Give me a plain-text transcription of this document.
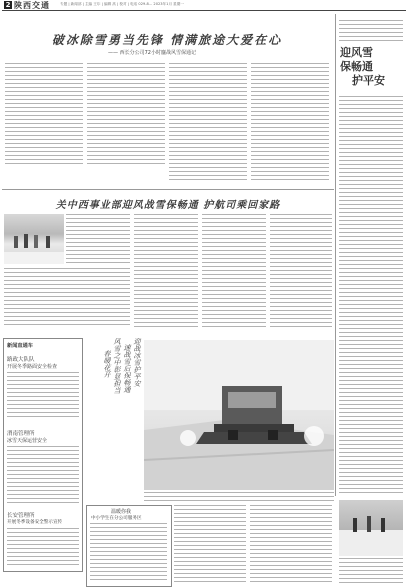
2 陕西交通	专题 | 新闻部 | 主编 王尔 | 编辑 高 | 校对 | 电话 029-8... 2023年1月 星期一
破冰除雪勇当先锋 情满旅途大爱在心
—— 西长分公司72小时鏖战风雪保通记	迎风雪
保畅通
护平安
关中西事业部迎风战雪保畅通 护航司乘回家路
新闻直通车
路政大队队
开展冬季路面安全检查
渭南管理所
冰雪天保运营安全
长安管理所
开展冬季设备安全警示宣传
迎战冰雪护平安
速战雪后保畅通
风雪之中彰显担当
春暖花开
温暖你我
中小学生在分公司服务区
